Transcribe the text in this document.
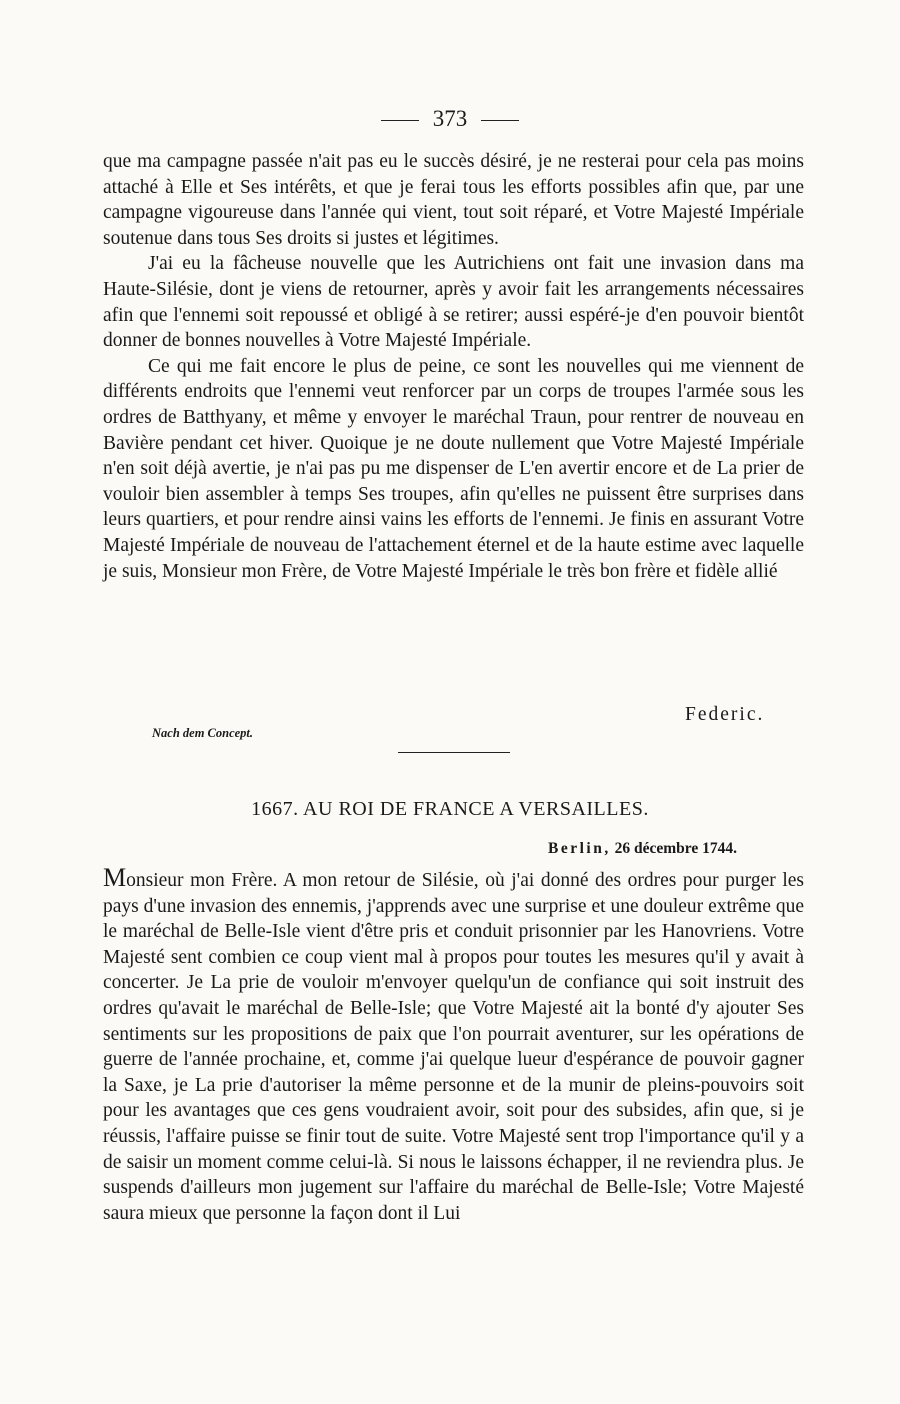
373

que ma campagne passée n'ait pas eu le succès désiré, je ne resterai pour cela pas moins attaché à Elle et Ses intérêts, et que je ferai tous les efforts possibles afin que, par une campagne vigoureuse dans l'année qui vient, tout soit réparé, et Votre Majesté Impériale soutenue dans tous Ses droits si justes et légitimes.

J'ai eu la fâcheuse nouvelle que les Autrichiens ont fait une invasion dans ma Haute-Silésie, dont je viens de retourner, après y avoir fait les arrangements nécessaires afin que l'ennemi soit repoussé et obligé à se retirer; aussi espéré-je d'en pouvoir bientôt donner de bonnes nouvelles à Votre Majesté Impériale.

Ce qui me fait encore le plus de peine, ce sont les nouvelles qui me viennent de différents endroits que l'ennemi veut renforcer par un corps de troupes l'armée sous les ordres de Batthyany, et même y envoyer le maréchal Traun, pour rentrer de nouveau en Bavière pendant cet hiver. Quoique je ne doute nullement que Votre Majesté Impériale n'en soit déjà avertie, je n'ai pas pu me dispenser de L'en avertir encore et de La prier de vouloir bien assembler à temps Ses troupes, afin qu'elles ne puissent être surprises dans leurs quartiers, et pour rendre ainsi vains les efforts de l'ennemi. Je finis en assurant Votre Majesté Impériale de nouveau de l'attachement éternel et de la haute estime avec laquelle je suis, Monsieur mon Frère, de Votre Majesté Impériale le très bon frère et fidèle allié

Federic.
Nach dem Concept.
1667. AU ROI DE FRANCE A VERSAILLES.
Berlin, 26 décembre 1744.

Monsieur mon Frère. A mon retour de Silésie, où j'ai donné des ordres pour purger les pays d'une invasion des ennemis, j'apprends avec une surprise et une douleur extrême que le maréchal de Belle-Isle vient d'être pris et conduit prisonnier par les Hanovriens. Votre Majesté sent combien ce coup vient mal à propos pour toutes les mesures qu'il y avait à concerter. Je La prie de vouloir m'envoyer quelqu'un de confiance qui soit instruit des ordres qu'avait le maréchal de Belle-Isle; que Votre Majesté ait la bonté d'y ajouter Ses sentiments sur les propositions de paix que l'on pourrait aventurer, sur les opérations de guerre de l'année prochaine, et, comme j'ai quelque lueur d'espérance de pouvoir gagner la Saxe, je La prie d'autoriser la même personne et de la munir de pleins-pouvoirs soit pour les avantages que ces gens voudraient avoir, soit pour des subsides, afin que, si je réussis, l'affaire puisse se finir tout de suite. Votre Majesté sent trop l'importance qu'il y a de saisir un moment comme celui-là. Si nous le laissons échapper, il ne reviendra plus. Je suspends d'ailleurs mon jugement sur l'affaire du maréchal de Belle-Isle; Votre Majesté saura mieux que personne la façon dont il Lui
